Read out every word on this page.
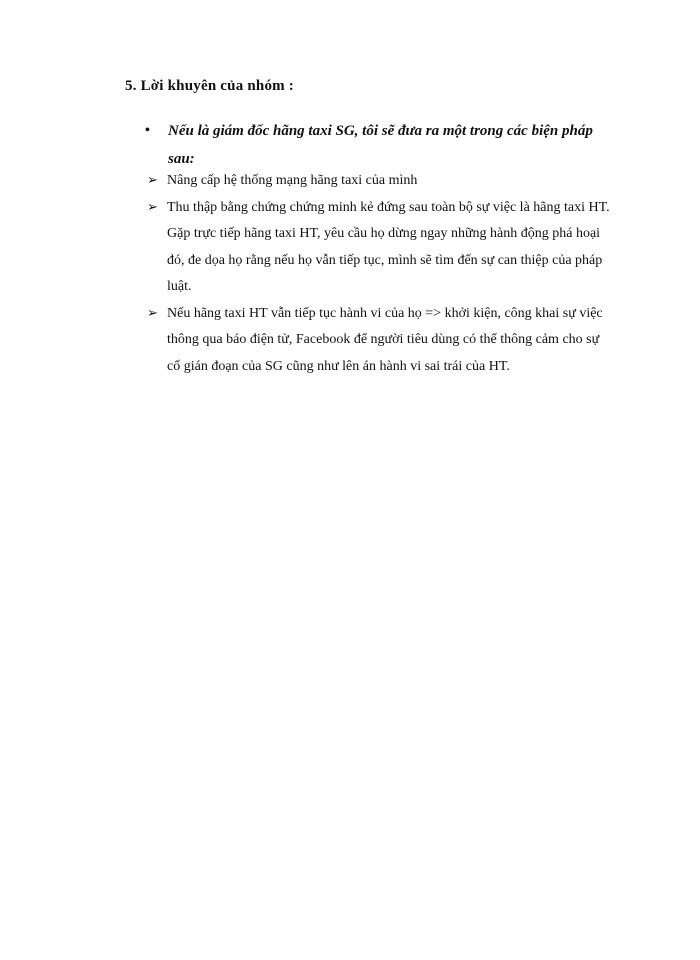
5. Lời khuyên của nhóm :
•	Nếu là giám đốc hãng taxi SG, tôi sẽ đưa ra một trong các biện pháp sau:
➢ Nâng cấp hệ thống mạng hãng taxi của mình
➢ Thu thập bằng chứng chứng minh kẻ đứng sau toàn bộ sự việc là hãng taxi HT. Gặp trực tiếp hãng taxi HT, yêu cầu họ dừng ngay những hành động phá hoại đó, đe dọa họ rằng nếu họ vẫn tiếp tục, mình sẽ tìm đến sự can thiệp của pháp luật.
➢ Nếu hãng taxi HT vẫn tiếp tục hành vi của họ => khởi kiện, công khai sự việc thông qua báo điện tử, Facebook để người tiêu dùng có thể thông cảm cho sự cố gián đoạn của SG cũng như lên án hành vi sai trái của HT.
